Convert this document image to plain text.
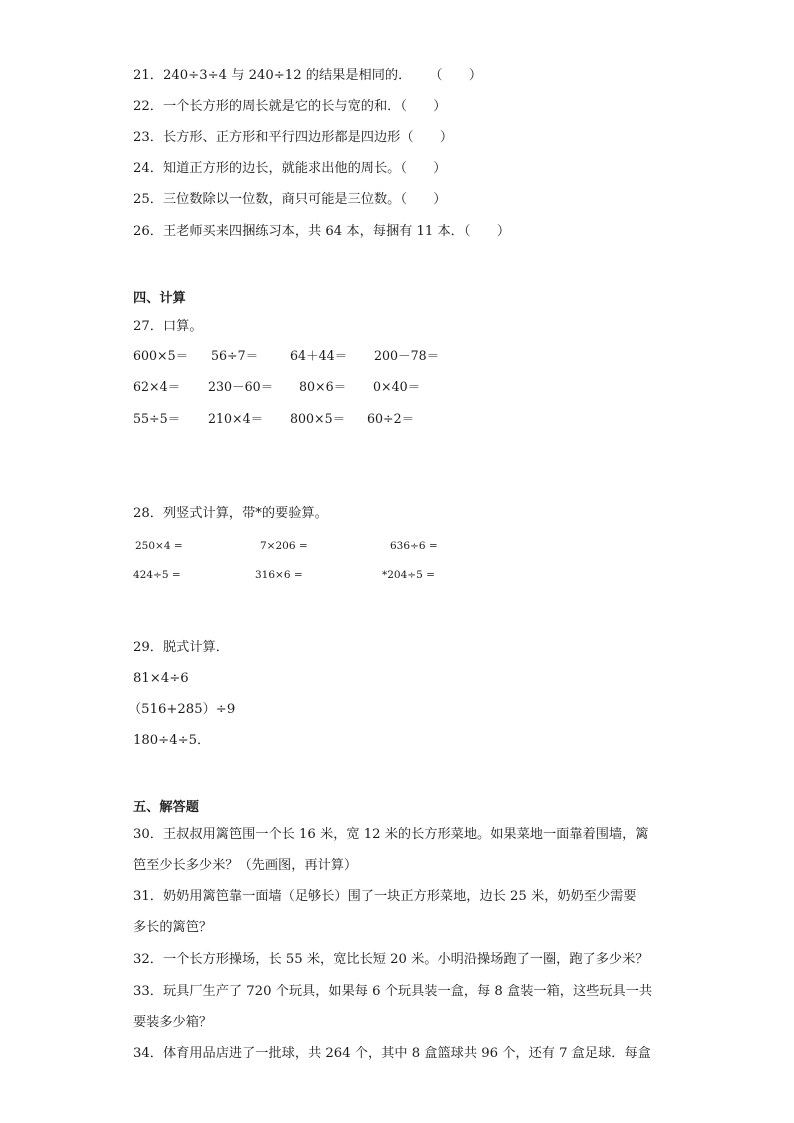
21．240÷3÷4 与 240÷12 的结果是相同的． （　　）
22．一个长方形的周长就是它的长与宽的和．（　　）
23．长方形、正方形和平行四边形都是四边形（　　）
24．知道正方形的边长，就能求出他的周长。（　　）
25．三位数除以一位数，商只可能是三位数。（　　）
26．王老师买来四捆练习本，共 64 本，每捆有 11 本．（　　）
四、计算
27．口算。
600×5＝ 56÷7＝	64＋44＝ 200－78＝
62×4＝ 230－60＝ 80×6＝ 0×40＝
55÷5＝ 210×4＝ 800×5＝ 60÷2＝
28．列竖式计算，带*的要验算。
250×4 =	7×206 =	636÷6 =
424÷5 =	316×6 =	*204÷5 =
29．脱式计算．
81×4÷6
（516+285）÷9
180÷4÷5．
五、解答题
30．王叔叔用篱笆围一个长 16 米，宽 12 米的长方形菜地。如果菜地一面靠着围墙，篱
笆至少长多少米？（先画图，再计算）
31．奶奶用篱笆靠一面墙（足够长）围了一块正方形菜地，边长 25 米，奶奶至少需要
多长的篱笆？
32．一个长方形操场，长 55 米，宽比长短 20 米。小明沿操场跑了一圈，跑了多少米？
33．玩具厂生产了 720 个玩具，如果每 6 个玩具装一盒，每 8 盒装一箱，这些玩具一共
要装多少箱？
34．体育用品店进了一批球，共 264 个，其中 8 盒篮球共 96 个，还有 7 盒足球．每盒
